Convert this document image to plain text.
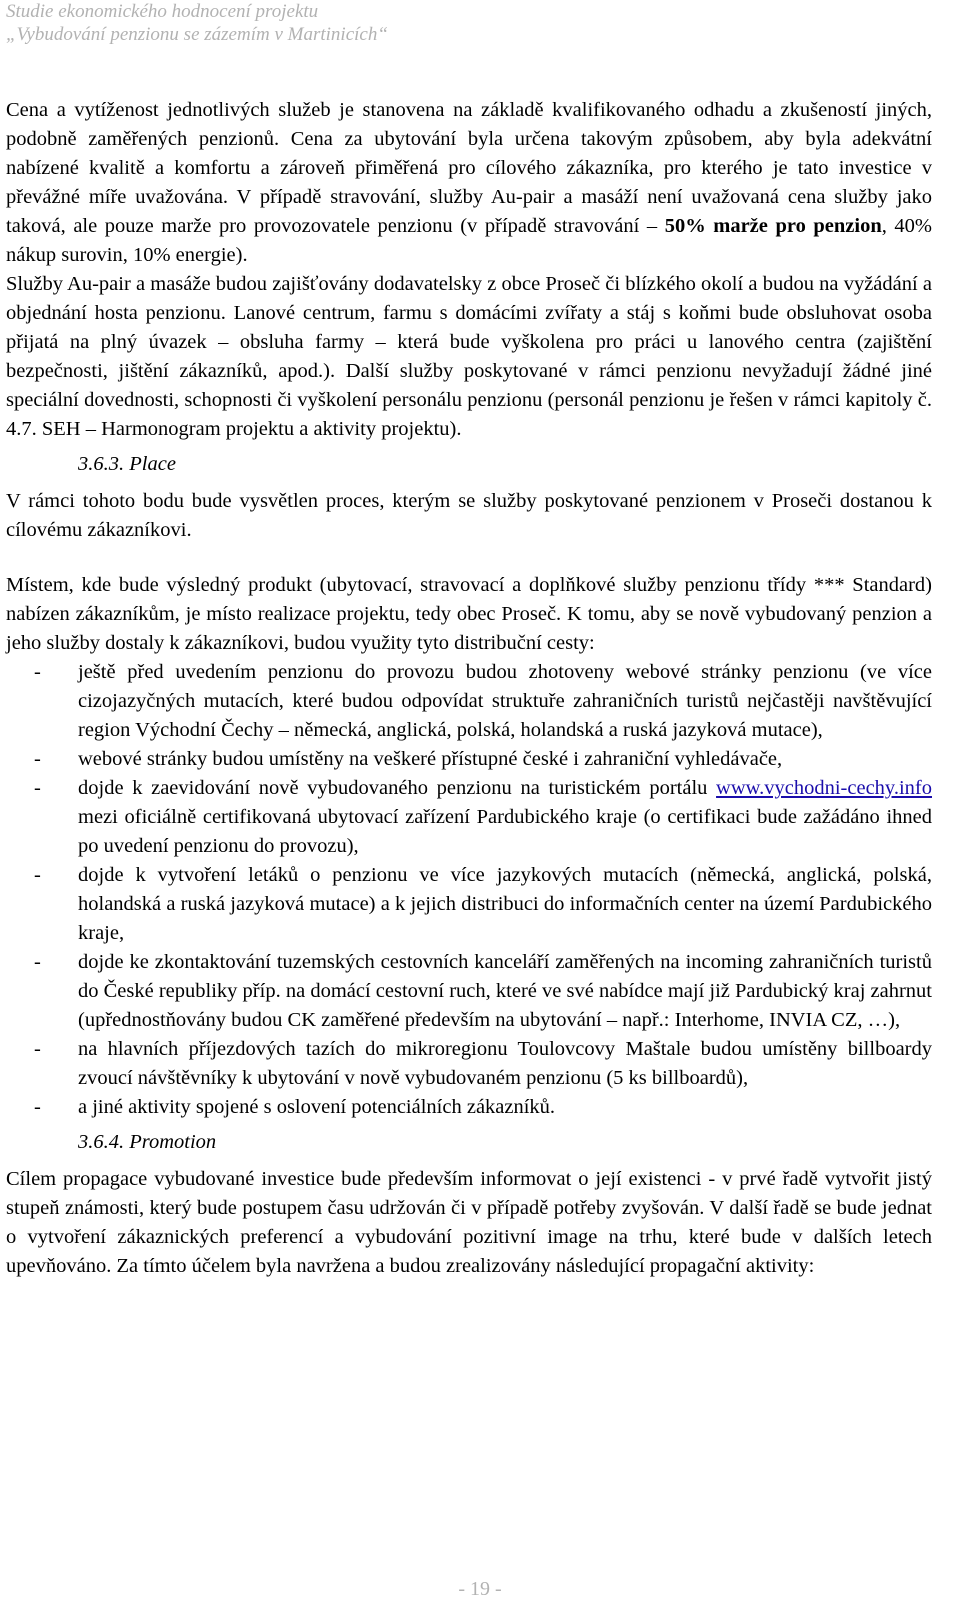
Studie ekonomického hodnocení projektu
„Vybudování penzionu se zázemím v Martinicích“

Cena a vytíženost jednotlivých služeb je stanovena na základě kvalifikovaného odhadu a zkušeností jiných, podobně zaměřených penzionů. Cena za ubytování byla určena takovým způsobem, aby byla adekvátní nabízené kvalitě a komfortu a zároveň přiměřená pro cílového zákazníka, pro kterého je tato investice v převážné míře uvažována. V případě stravování, služby Au-pair a masáží není uvažovaná cena služby jako taková, ale pouze marže pro provozovatele penzionu (v případě stravování – 50% marže pro penzion, 40% nákup surovin, 10% energie).

Služby Au-pair a masáže budou zajišťovány dodavatelsky z obce Proseč či blízkého okolí a budou na vyžádání a objednání hosta penzionu. Lanové centrum, farmu s domácími zvířaty a stáj s koňmi bude obsluhovat osoba přijatá na plný úvazek – obsluha farmy – která bude vyškolena pro práci u lanového centra (zajištění bezpečnosti, jištění zákazníků, apod.). Další služby poskytované v rámci penzionu nevyžadují žádné jiné speciální dovednosti, schopnosti či vyškolení personálu penzionu (personál penzionu je řešen v rámci kapitoly č. 4.7. SEH – Harmonogram projektu a aktivity projektu).

3.6.3. Place

V rámci tohoto bodu bude vysvětlen proces, kterým se služby poskytované penzionem v Proseči dostanou k cílovému zákazníkovi.

Místem, kde bude výsledný produkt (ubytovací, stravovací a doplňkové služby penzionu třídy *** Standard) nabízen zákazníkům, je místo realizace projektu, tedy obec Proseč. K tomu, aby se nově vybudovaný penzion a jeho služby dostaly k zákazníkovi, budou využity tyto distribuční cesty:

- ještě před uvedením penzionu do provozu budou zhotoveny webové stránky penzionu (ve více cizojazyčných mutacích, které budou odpovídat struktuře zahraničních turistů nejčastěji navštěvující region Východní Čechy – německá, anglická, polská, holandská a ruská jazyková mutace),
- webové stránky budou umístěny na veškeré přístupné české i zahraniční vyhledávače,
- dojde k zaevidování nově vybudovaného penzionu na turistickém portálu www.vychodni-cechy.info mezi oficiálně certifikovaná ubytovací zařízení Pardubického kraje (o certifikaci bude zažádáno ihned po uvedení penzionu do provozu),
- dojde k vytvoření letáků o penzionu ve více jazykových mutacích (německá, anglická, polská, holandská a ruská jazyková mutace) a k jejich distribuci do informačních center na území Pardubického kraje,
- dojde ke zkontaktování tuzemských cestovních kanceláří zaměřených na incoming zahraničních turistů do České republiky příp. na domácí cestovní ruch, které ve své nabídce mají již Pardubický kraj zahrnut (upřednostňovány budou CK zaměřené především na ubytování – např.: Interhome, INVIA CZ, …),
- na hlavních příjezdových tazích do mikroregionu Toulovcovy Maštale budou umístěny billboardy zvoucí návštěvníky k ubytování v nově vybudovaném penzionu (5 ks billboardů),
- a jiné aktivity spojené s oslovení potenciálních zákazníků.
3.6.4. Promotion

Cílem propagace vybudované investice bude především informovat o její existenci - v prvé řadě vytvořit jistý stupeň známosti, který bude postupem času udržován či v případě potřeby zvyšován. V další řadě se bude jednat o vytvoření zákaznických preferencí a vybudování pozitivní image na trhu, které bude v dalších letech upevňováno. Za tímto účelem byla navržena a budou zrealizovány následující propagační aktivity:

- 19 -
